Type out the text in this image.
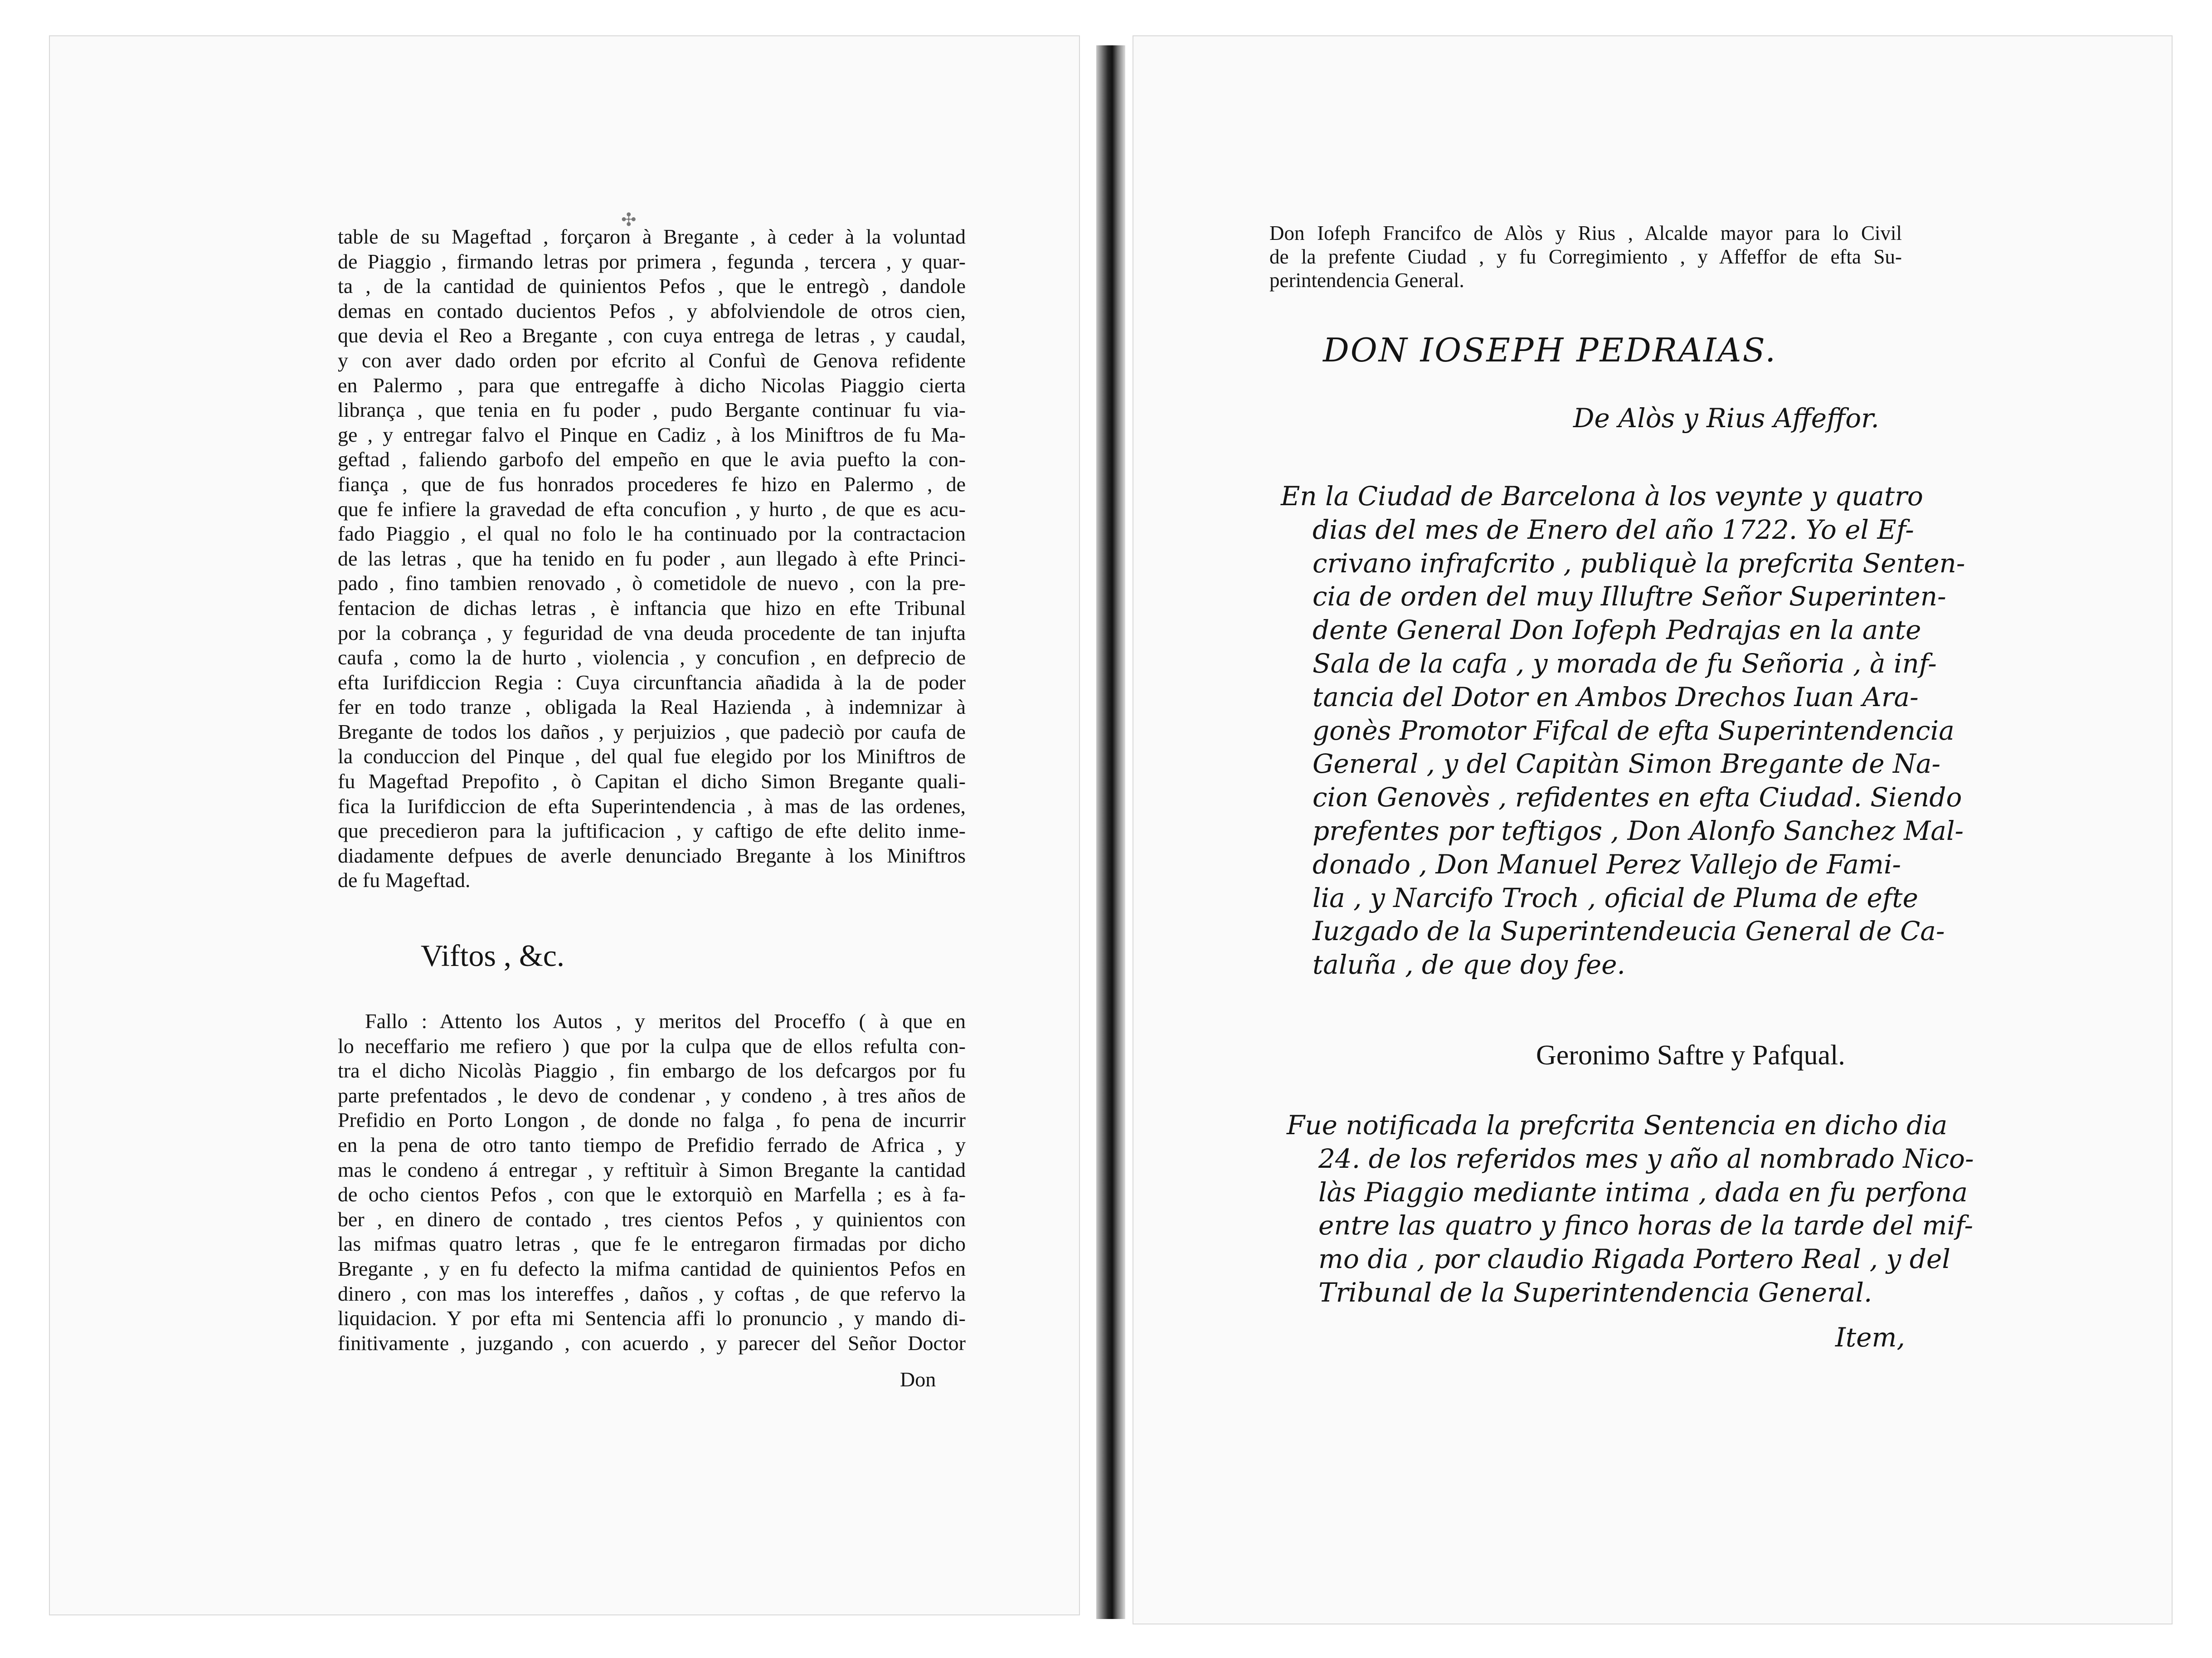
✣
table de su Mageftad , forçaron à Bregante , à ceder à la voluntad
de Piaggio , firmando letras por primera , fegunda , tercera , y quar-
ta , de la cantidad de quinientos Pefos , que le entregò , dandole
demas en contado ducientos Pefos , y abfolviendole de otros cien,
que devia el Reo a Bregante , con cuya entrega de letras , y caudal,
y con aver dado orden por efcrito al Confuì de Genova refidente
en Palermo , para que entregaffe à dicho Nicolas Piaggio cierta
librança , que tenia en fu poder , pudo Bergante continuar fu via-
ge , y entregar falvo el Pinque en Cadiz , à los Miniftros de fu Ma-
geftad , faliendo garbofo del empeño en que le avia puefto la con-
fiança , que de fus honrados procederes fe hizo en Palermo , de
que fe infiere la gravedad de efta concufion , y hurto , de que es acu-
fado Piaggio , el qual no folo le ha continuado por la contractacion
de las letras , que ha tenido en fu poder , aun llegado à efte Princi-
pado , fino tambien renovado , ò cometidole de nuevo , con la pre-
fentacion de dichas letras , è inftancia que hizo en efte Tribunal
por la cobrança , y feguridad de vna deuda procedente de tan injufta
caufa , como la de hurto , violencia , y concufion , en defprecio de
efta Iurifdiccion Regia : Cuya circunftancia añadida à la de poder
fer en todo tranze , obligada la Real Hazienda , à indemnizar à
Bregante de todos los daños , y perjuizios , que padeciò por caufa de
la conduccion del Pinque , del qual fue elegido por los Miniftros de
fu Mageftad Prepofito , ò Capitan el dicho Simon Bregante quali-
fica la Iurifdiccion de efta Superintendencia , à mas de las ordenes,
que precedieron para la juftificacion , y caftigo de efte delito inme-
diadamente defpues de averle denunciado Bregante à los Miniftros
de fu Mageftad.
Viftos , &c.
Fallo : Attento los Autos , y meritos del Proceffo ( à que en
lo neceffario me refiero ) que por la culpa que de ellos refulta con-
tra el dicho Nicolàs Piaggio , fin embargo de los defcargos por fu
parte prefentados , le devo de condenar , y condeno , à tres años de
Prefidio en Porto Longon , de donde no falga , fo pena de incurrir
en la pena de otro tanto tiempo de Prefidio ferrado de Africa , y
mas le condeno á entregar , y reftituìr à Simon Bregante la cantidad
de ocho cientos Pefos , con que le extorquiò en Marfella ; es à fa-
ber , en dinero de contado , tres cientos Pefos , y quinientos con
las mifmas quatro letras , que fe le entregaron firmadas por dicho
Bregante , y en fu defecto la mifma cantidad de quinientos Pefos en
dinero , con mas los intereffes , daños , y coftas , de que refervo la
liquidacion. Y por efta mi Sentencia affi lo pronuncio , y mando di-
finitivamente , juzgando , con acuerdo , y parecer del Señor Doctor
Don
Don Iofeph Francifco de Alòs y Rius , Alcalde mayor para lo Civil
de la prefente Ciudad , y fu Corregimiento , y Affeffor de efta Su-
perintendencia General.
DON IOSEPH PEDRAIAS.
De Alòs y Rius Affeffor.
En la Ciudad de Barcelona à los veynte y quatro
dias del mes de Enero del año 1722. Yo el Ef-
crivano infrafcrito , publiquè la prefcrita Senten-
cia de orden del muy Illuftre Señor Superinten-
dente General Don Iofeph Pedrajas en la ante
Sala de la cafa , y morada de fu Señoria , à inf-
tancia del Dotor en Ambos Drechos Iuan Ara-
gonès Promotor Fifcal de efta Superintendencia
General , y del Capitàn Simon Bregante de Na-
cion Genovès , refidentes en efta Ciudad. Siendo
prefentes por teftigos , Don Alonfo Sanchez Mal-
donado , Don Manuel Perez Vallejo de Fami-
lia , y Narcifo Troch , oficial de Pluma de efte
Iuzgado de la Superintendeucia General de Ca-
taluña , de que doy fee.
Geronimo Saftre y Pafqual.
Fue notificada la prefcrita Sentencia en dicho dia
24. de los referidos mes y año al nombrado Nico-
làs Piaggio mediante intima , dada en fu perfona
entre las quatro y finco horas de la tarde del mif-
mo dia , por claudio Rigada Portero Real , y del
Tribunal de la Superintendencia General.
Item,
